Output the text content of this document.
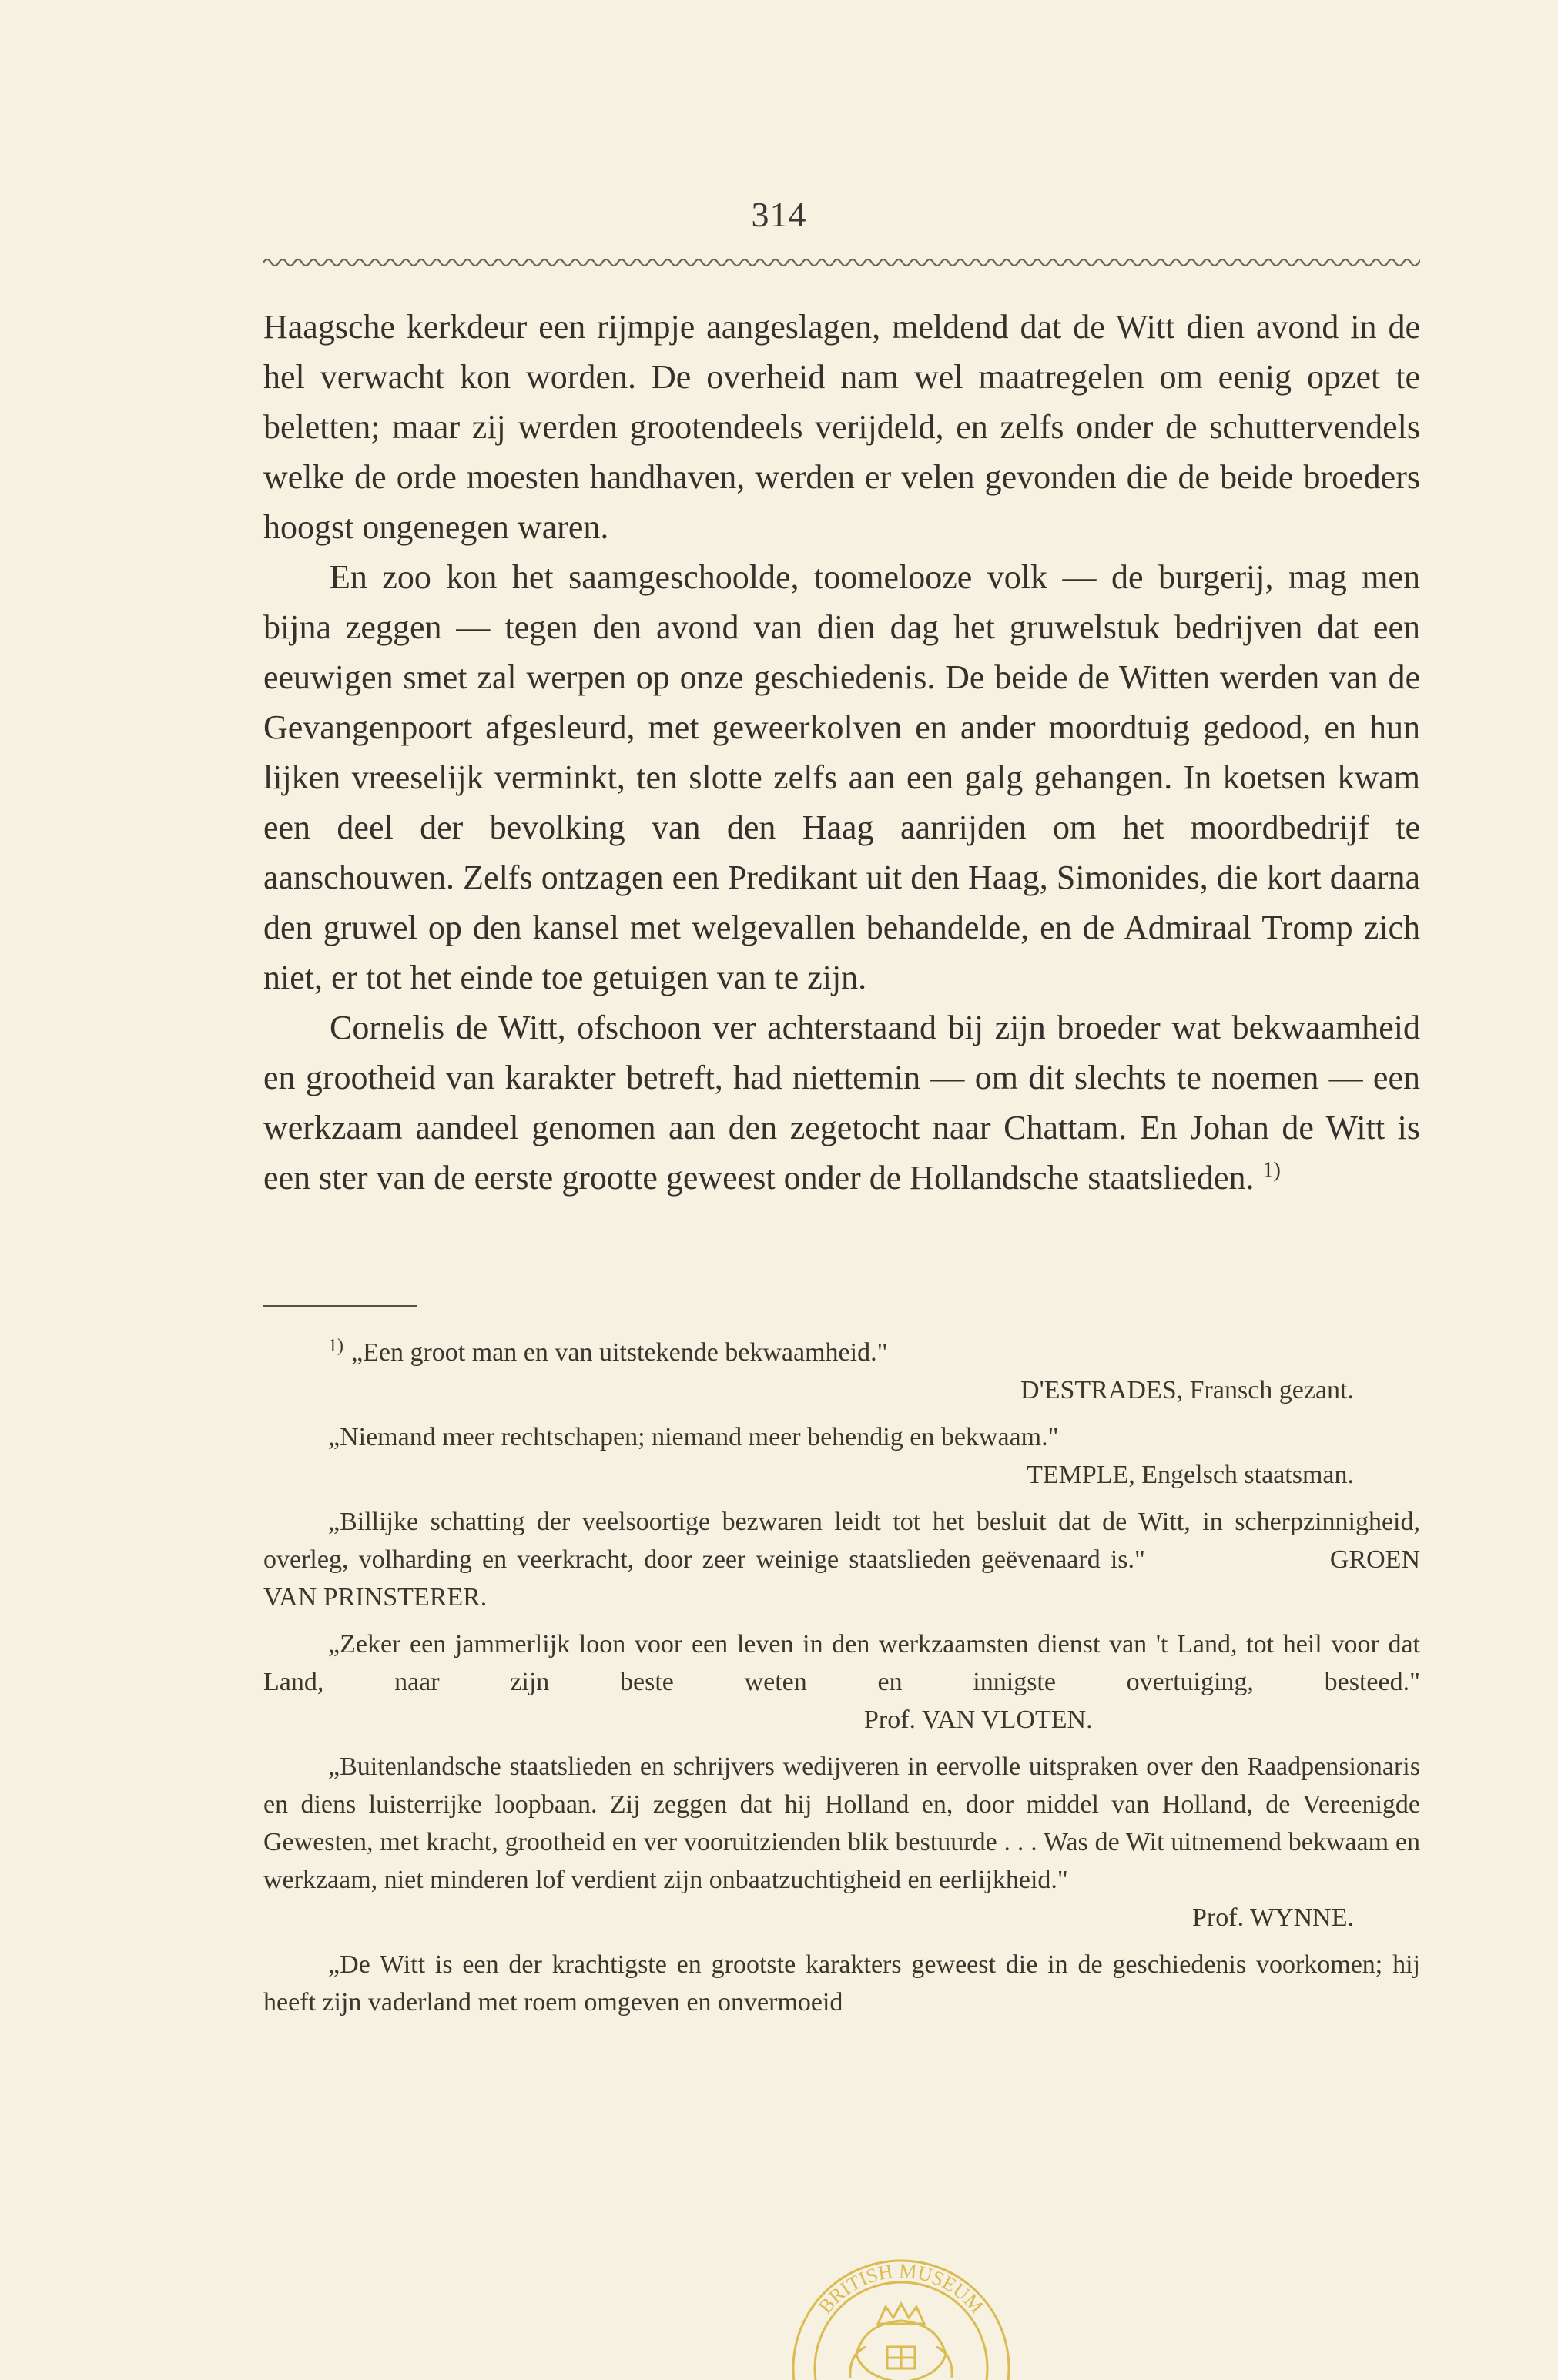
314

Haagsche kerkdeur een rijmpje aangeslagen, meldend dat de Witt dien avond in de hel verwacht kon worden. De overheid nam wel maatregelen om eenig opzet te beletten; maar zij werden grootendeels verijdeld, en zelfs onder de schuttervendels welke de orde moesten handhaven, werden er velen gevonden die de beide broeders hoogst ongenegen waren.

En zoo kon het saamgeschoolde, toomelooze volk — de burgerij, mag men bijna zeggen — tegen den avond van dien dag het gruwelstuk bedrijven dat een eeuwigen smet zal werpen op onze geschiedenis. De beide de Witten werden van de Gevangenpoort afgesleurd, met geweerkolven en ander moordtuig gedood, en hun lijken vreeselijk verminkt, ten slotte zelfs aan een galg gehangen. In koetsen kwam een deel der bevolking van den Haag aanrijden om het moordbedrijf te aanschouwen. Zelfs ontzagen een Predikant uit den Haag, Simonides, die kort daarna den gruwel op den kansel met welgevallen behandelde, en de Admiraal Tromp zich niet, er tot het einde toe getuigen van te zijn.

Cornelis de Witt, ofschoon ver achterstaand bij zijn broeder wat bekwaamheid en grootheid van karakter betreft, had niettemin — om dit slechts te noemen — een werkzaam aandeel genomen aan den zegetocht naar Chattam. En Johan de Witt is een ster van de eerste grootte geweest onder de Hollandsche staatslieden. $^{1)}$

$^{1)}$ „Een groot man en van uitstekende bekwaamheid."

D'ESTRADES, Fransch gezant.

„Niemand meer rechtschapen; niemand meer behendig en bekwaam."

TEMPLE, Engelsch staatsman.

„Billijke schatting der veelsoortige bezwaren leidt tot het besluit dat de Witt, in scherpzinnigheid, overleg, volharding en veerkracht, door zeer weinige staatslieden geëvenaard is."	GROEN VAN PRINSTERER.

„Zeker een jammerlijk loon voor een leven in den werkzaamsten dienst van 't Land, tot heil voor dat Land, naar zijn beste weten en innigste overtuiging, besteed."Prof. VAN VLOTEN.

„Buitenlandsche staatslieden en schrijvers wedijveren in eervolle uitspraken over den Raadpensionaris en diens luisterrijke loopbaan. Zij zeggen dat hij Holland en, door middel van Holland, de Vereenigde Gewesten, met kracht, grootheid en ver vooruitzienden blik bestuurde . . . Was de Wit uitnemend bekwaam en werkzaam, niet minderen lof verdient zijn onbaatzuchtigheid en eerlijkheid."

Prof. WYNNE.

„De Witt is een der krachtigste en grootste karakters geweest die in de geschiedenis voorkomen; hij heeft zijn vaderland met roem omgeven en onvermoeid

BRITISH MUSEUM
